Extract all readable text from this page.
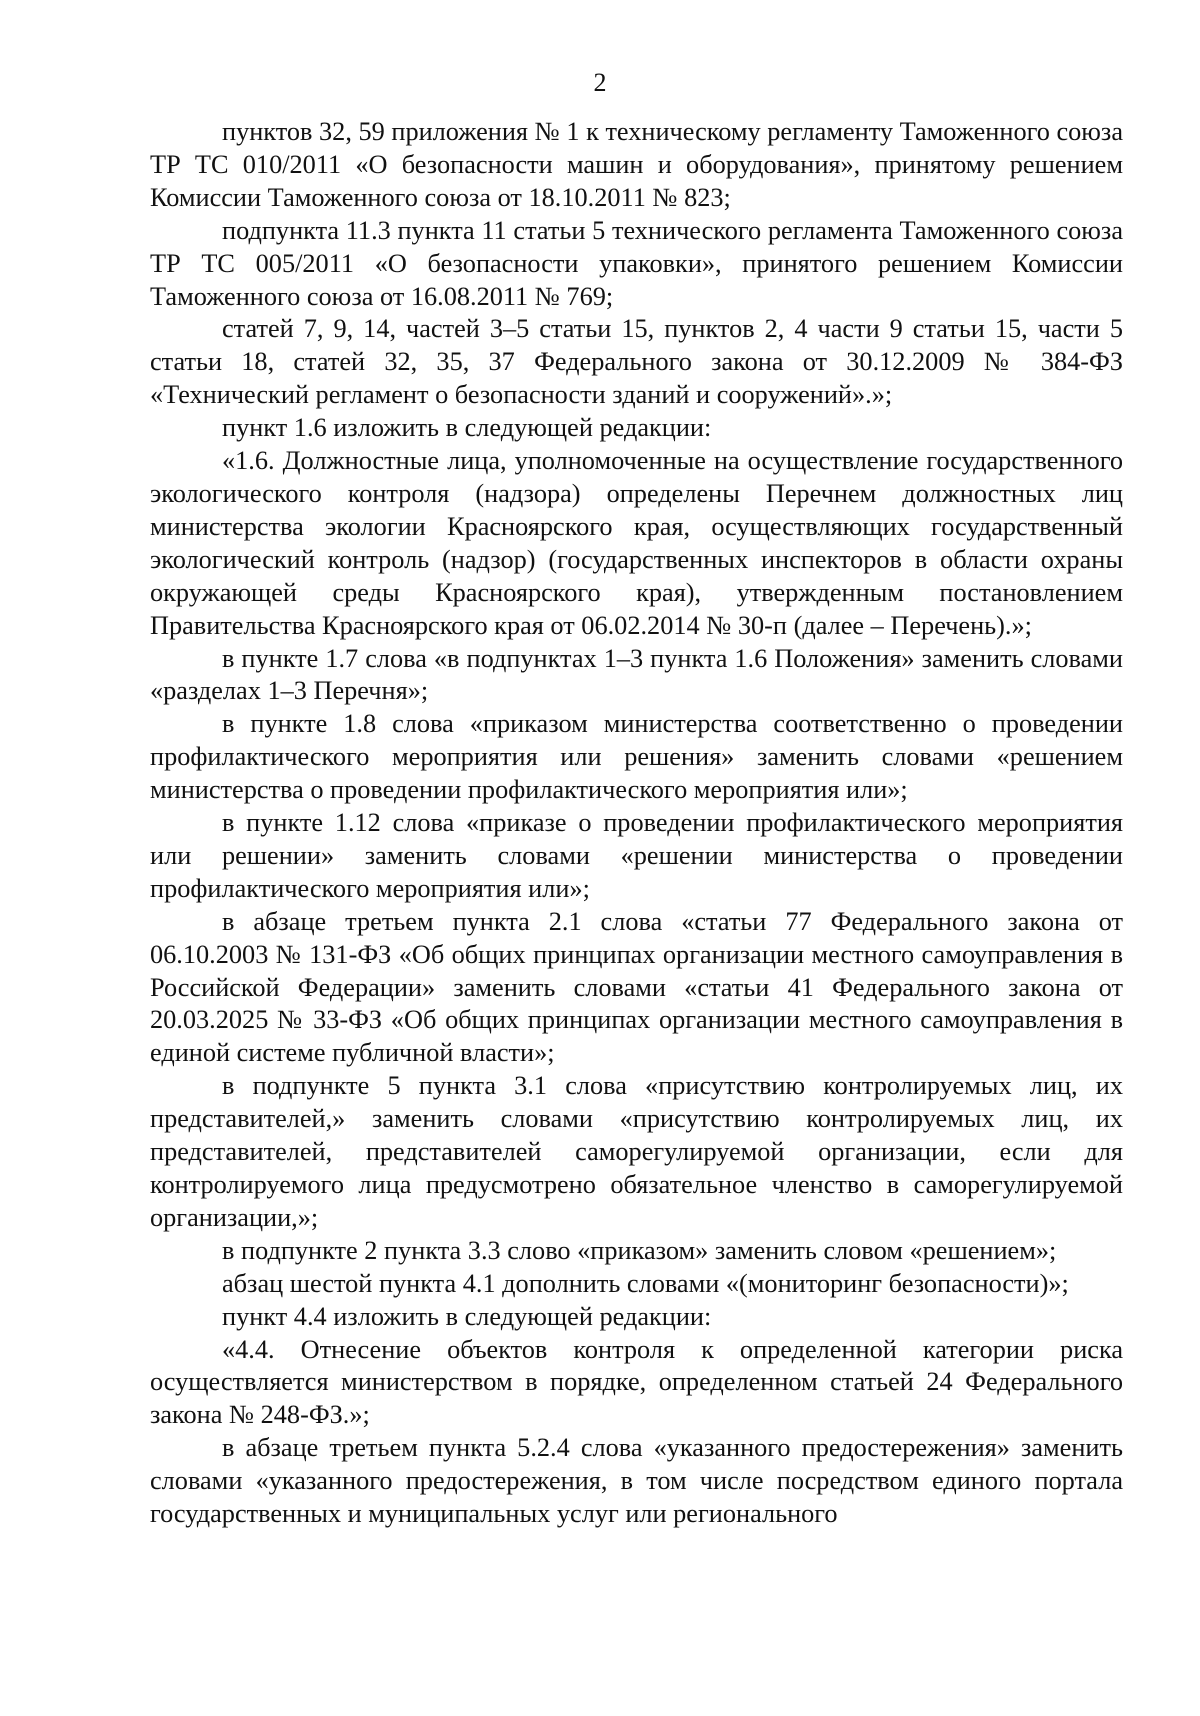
2

пунктов 32, 59 приложения № 1 к техническому регламенту Таможенного союза ТР ТС 010/2011 «О безопасности машин и оборудования», принятому решением Комиссии Таможенного союза от 18.10.2011 № 823;

подпункта 11.3 пункта 11 статьи 5 технического регламента Таможенного союза ТР ТС 005/2011 «О безопасности упаковки», принятого решением Комиссии Таможенного союза от 16.08.2011 № 769;

статей 7, 9, 14, частей 3–5 статьи 15, пунктов 2, 4 части 9 статьи 15, части 5 статьи 18, статей 32, 35, 37 Федерального закона от 30.12.2009 № 384-ФЗ «Технический регламент о безопасности зданий и сооружений».»;

пункт 1.6 изложить в следующей редакции:

«1.6. Должностные лица, уполномоченные на осуществление государственного экологического контроля (надзора) определены Перечнем должностных лиц министерства экологии Красноярского края, осуществляющих государственный экологический контроль (надзор) (государственных инспекторов в области охраны окружающей среды Красноярского края), утвержденным постановлением Правительства Красноярского края от 06.02.2014 № 30-п (далее – Перечень).»;

в пункте 1.7 слова «в подпунктах 1–3 пункта 1.6 Положения» заменить словами «разделах 1–3 Перечня»;

в пункте 1.8 слова «приказом министерства соответственно о проведении профилактического мероприятия или решения» заменить словами «решением министерства о проведении профилактического мероприятия или»;

в пункте 1.12 слова «приказе о проведении профилактического мероприятия или решении» заменить словами «решении министерства о проведении профилактического мероприятия или»;

в абзаце третьем пункта 2.1 слова «статьи 77 Федерального закона от 06.10.2003 № 131-ФЗ «Об общих принципах организации местного самоуправления в Российской Федерации» заменить словами «статьи 41 Федерального закона от 20.03.2025 № 33-ФЗ «Об общих принципах организации местного самоуправления в единой системе публичной власти»;

в подпункте 5 пункта 3.1 слова «присутствию контролируемых лиц, их представителей,» заменить словами «присутствию контролируемых лиц, их представителей, представителей саморегулируемой организации, если для контролируемого лица предусмотрено обязательное членство в саморегулируемой организации,»;

в подпункте 2 пункта 3.3 слово «приказом» заменить словом «решением»;

абзац шестой пункта 4.1 дополнить словами «(мониторинг безопасности)»;

пункт 4.4 изложить в следующей редакции:

«4.4. Отнесение объектов контроля к определенной категории риска осуществляется министерством в порядке, определенном статьей 24 Федерального закона № 248-ФЗ.»;

в абзаце третьем пункта 5.2.4 слова «указанного предостережения» заменить словами «указанного предостережения, в том числе посредством единого портала государственных и муниципальных услуг или регионального
